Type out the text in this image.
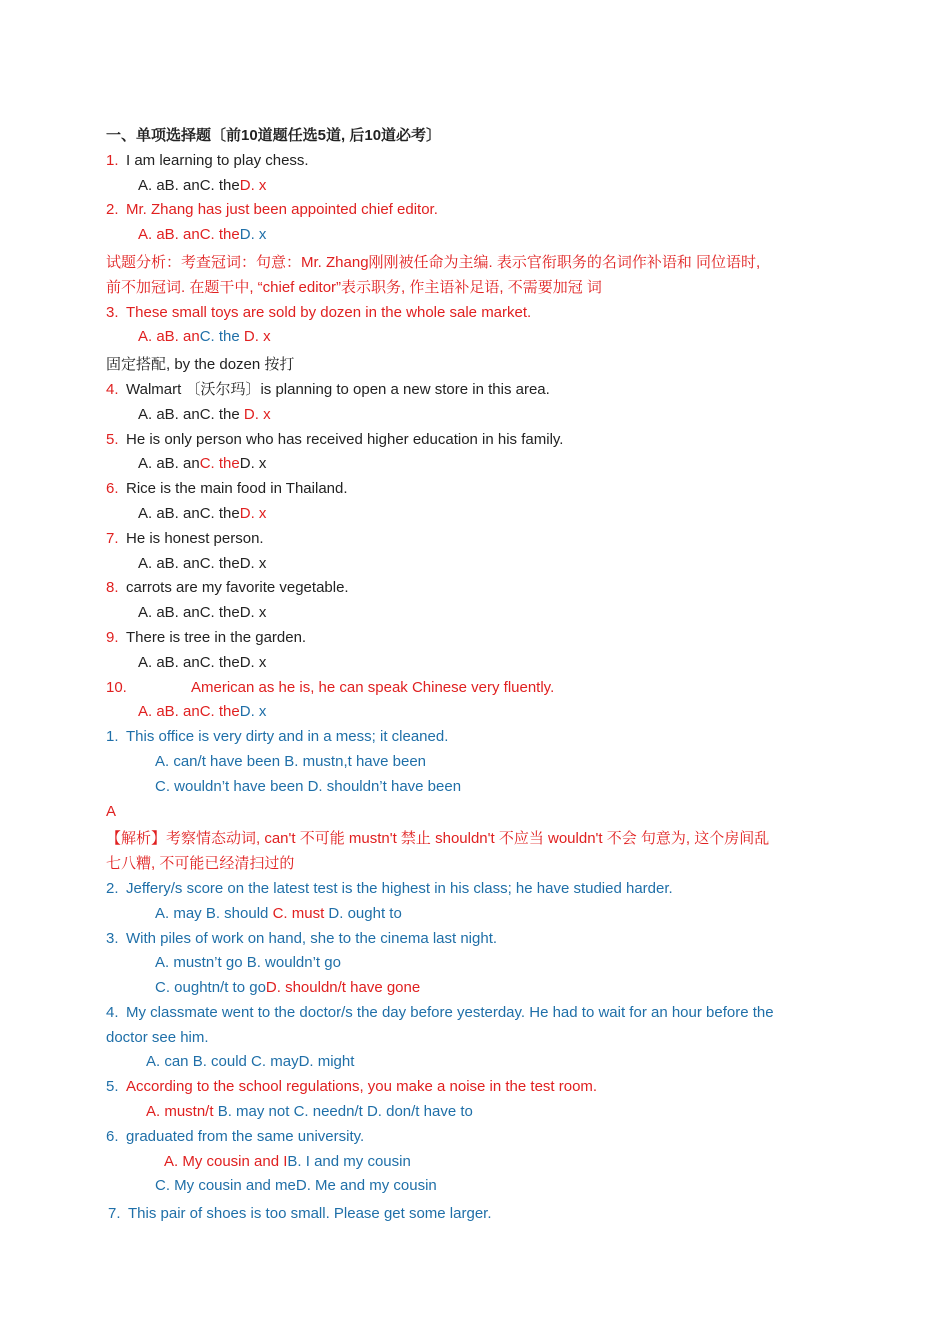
一、单项选择题〔前10道题任选5道, 后10道必考〕
1. I am learning to play chess.
A. aB. anC. theD. x
2. Mr. Zhang has just been appointed chief editor.
A. aB. anC. theD. x
试题分析：考查冠词：句意：Mr. Zhang刚刚被任命为主编. 表示官衔职务的名词作补语和 同位语时,
前不加冠词. 在题干中, “chief editor”表示职务, 作主语补足语, 不需要加冠 词
3. These small toys are sold by dozen in the whole sale market.
A. aB. anC. the D. x
固定搭配, by the dozen 按打
4. Walmart 〔沃尔玛〕is planning to open a new store in this area.
A. aB. anC. the D. x
5. He is only person who has received higher education in his family.
A. aB. anC. theD. x
6. Rice is the main food in Thailand.
A. aB. anC. theD. x
7. He is honest person.
A. aB. anC. theD. x
8. carrots are my favorite vegetable.
A. aB. anC. theD. x
9. There is tree in the garden.
A. aB. anC. theD. x
10.	American as he is, he can speak Chinese very fluently.
A. aB. anC. theD. x
1. This office is very dirty and in a mess; it cleaned.
A. can/t have been B. mustn,t have been
C. wouldn’t have been D. shouldn’t have been
A
【解析】考察情态动词, can't 不可能 mustn't 禁止 shouldn't 不应当 wouldn't 不会 句意为, 这个房间乱
七八糟, 不可能已经清扫过的
2. Jeffery/s score on the latest test is the highest in his class; he have studied harder.
A. may B. should C. must D. ought to
3. With piles of work on hand, she to the cinema last night.
A. mustn’t go B. wouldn’t go
C. oughtn/t to goD. shouldn/t have gone
4. My classmate went to the doctor/s the day before yesterday. He had to wait for an hour before the
doctor see him.
A. can B. could C. mayD. might
5. According to the school regulations, you make a noise in the test room.
A. mustn/t B. may not C. needn/t D. don/t have to
6. graduated from the same university.
A. My cousin and IB. I and my cousin
C. My cousin and meD. Me and my cousin
7. This pair of shoes is too small. Please get some larger.
